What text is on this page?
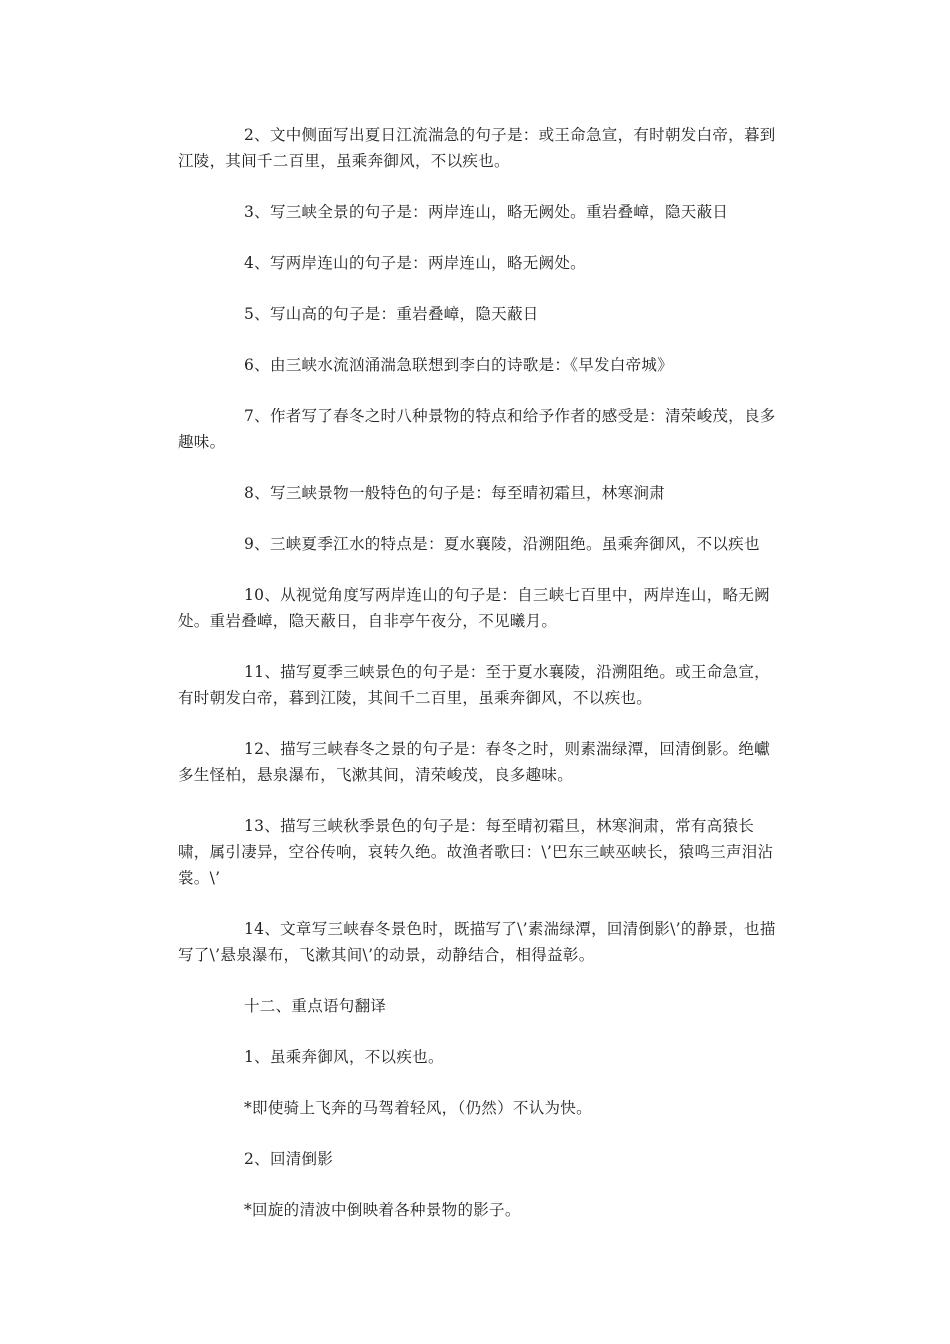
2、文中侧面写出夏日江流湍急的句子是：或王命急宣，有时朝发白帝，暮到江陵，其间千二百里，虽乘奔御风，不以疾也。

3、写三峡全景的句子是：两岸连山，略无阙处。重岩叠嶂，隐天蔽日

4、写两岸连山的句子是：两岸连山，略无阙处。

5、写山高的句子是：重岩叠嶂，隐天蔽日

6、由三峡水流汹涌湍急联想到李白的诗歌是：《早发白帝城》

7、作者写了春冬之时八种景物的特点和给予作者的感受是：清荣峻茂，良多趣味。

8、写三峡景物一般特色的句子是：每至晴初霜旦，林寒涧肃

9、三峡夏季江水的特点是：夏水襄陵，沿溯阻绝。虽乘奔御风，不以疾也

10、从视觉角度写两岸连山的句子是：自三峡七百里中，两岸连山，略无阙处。重岩叠嶂，隐天蔽日，自非亭午夜分，不见曦月。

11、描写夏季三峡景色的句子是：至于夏水襄陵，沿溯阻绝。或王命急宣，有时朝发白帝，暮到江陵，其间千二百里，虽乘奔御风，不以疾也。

12、描写三峡春冬之景的句子是：春冬之时，则素湍绿潭，回清倒影。绝巘多生怪柏，悬泉瀑布，飞漱其间，清荣峻茂，良多趣味。

13、描写三峡秋季景色的句子是：每至晴初霜旦，林寒涧肃，常有高猿长啸，属引凄异，空谷传响，哀转久绝。故渔者歌曰：\’巴东三峡巫峡长，猿鸣三声泪沾裳。\’

14、文章写三峡春冬景色时，既描写了\’素湍绿潭，回清倒影\’的静景，也描写了\’悬泉瀑布，飞漱其间\’的动景，动静结合，相得益彰。

十二、重点语句翻译

1、虽乘奔御风，不以疾也。

*即使骑上飞奔的马驾着轻风，（仍然）不认为快。

2、回清倒影

*回旋的清波中倒映着各种景物的影子。
